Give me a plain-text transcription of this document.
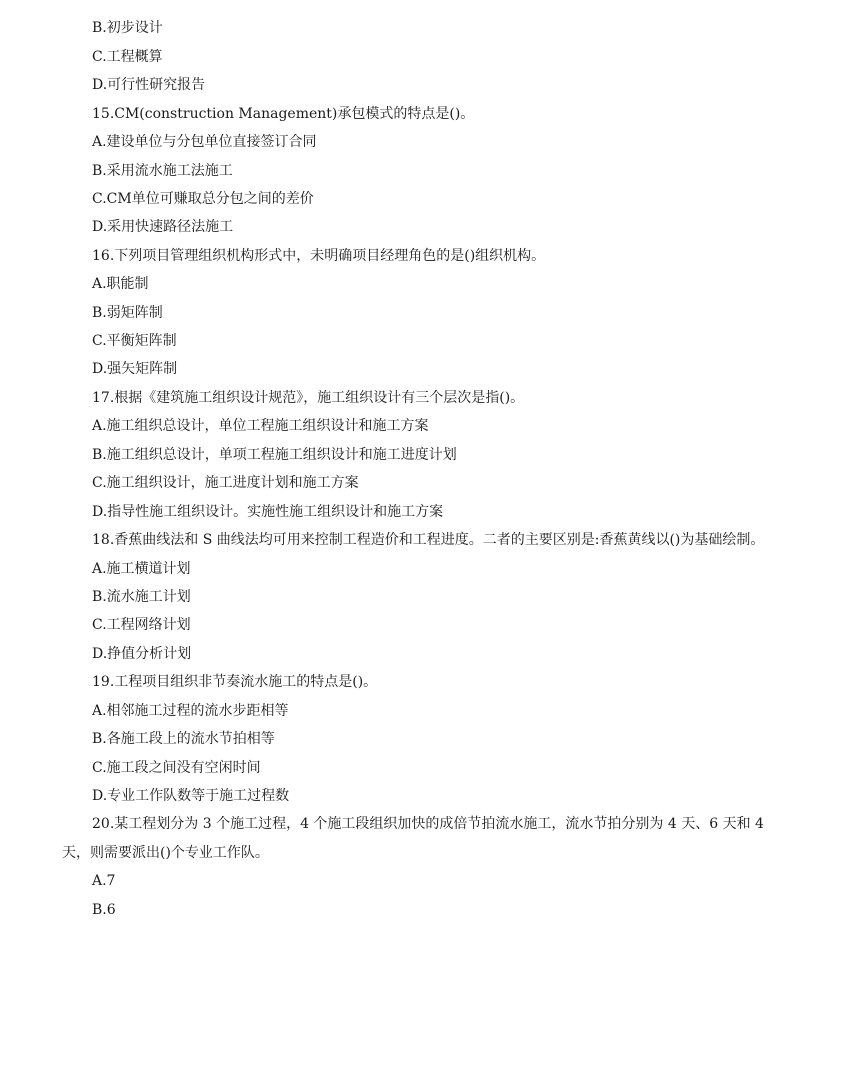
B.初步设计
C.工程概算
D.可行性研究报告
15.CM(construction Management)承包模式的特点是()。
A.建设单位与分包单位直接签订合同
B.采用流水施工法施工
C.CM单位可赚取总分包之间的差价
D.采用快速路径法施工
16.下列项目管理组织机构形式中，未明确项目经理角色的是()组织机构。
A.职能制
B.弱矩阵制
C.平衡矩阵制
D.强矢矩阵制
17.根据《建筑施工组织设计规范》，施工组织设计有三个层次是指()。
A.施工组织总设计，单位工程施工组织设计和施工方案
B.施工组织总设计，单项工程施工组织设计和施工进度计划
C.施工组织设计，施工进度计划和施工方案
D.指导性施工组织设计。实施性施工组织设计和施工方案
18.香蕉曲线法和 S 曲线法均可用来控制工程造价和工程进度。二者的主要区别是:香蕉黄线以()为基础绘制。
A.施工横道计划
B.流水施工计划
C.工程网络计划
D.挣值分析计划
19.工程项目组织非节奏流水施工的特点是()。
A.相邻施工过程的流水步距相等
B.各施工段上的流水节拍相等
C.施工段之间没有空闲时间
D.专业工作队数等于施工过程数
20.某工程划分为 3 个施工过程，4 个施工段组织加快的成倍节拍流水施工，流水节拍分别为 4 天、6 天和 4
天，则需要派出()个专业工作队。
A.7
B.6
